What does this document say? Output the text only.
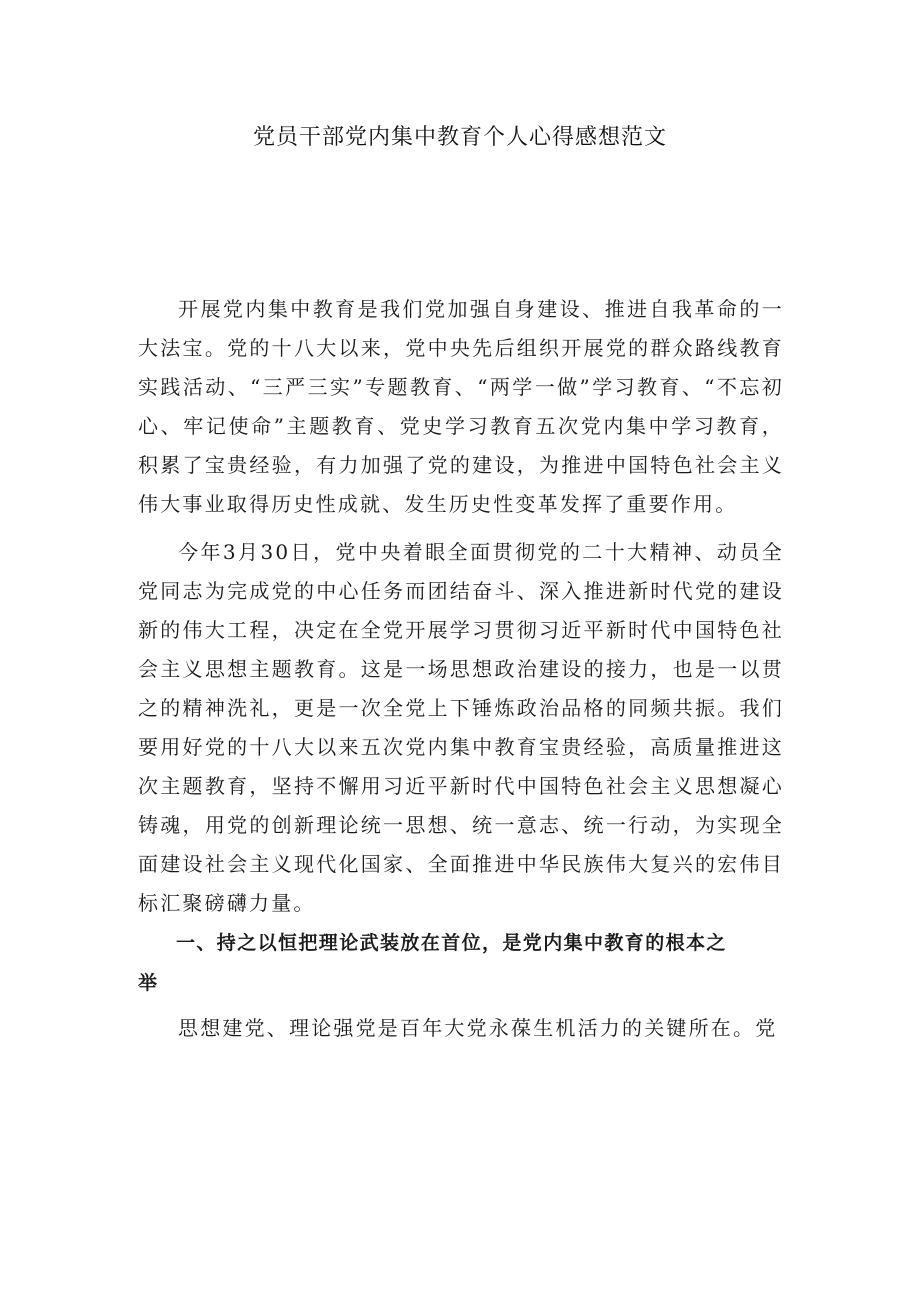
党员干部党内集中教育个人心得感想范文

开展党内集中教育是我们党加强自身建设、推进自我革命的一大法宝。党的十八大以来，党中央先后组织开展党的群众路线教育实践活动、“三严三实”专题教育、“两学一做”学习教育、“不忘初心、牢记使命”主题教育、党史学习教育五次党内集中学习教育，积累了宝贵经验，有力加强了党的建设，为推进中国特色社会主义伟大事业取得历史性成就、发生历史性变革发挥了重要作用。

今年3月30日，党中央着眼全面贯彻党的二十大精神、动员全党同志为完成党的中心任务而团结奋斗、深入推进新时代党的建设新的伟大工程，决定在全党开展学习贯彻习近平新时代中国特色社会主义思想主题教育。这是一场思想政治建设的接力，也是一以贯之的精神洗礼，更是一次全党上下锤炼政治品格的同频共振。我们要用好党的十八大以来五次党内集中教育宝贵经验，高质量推进这次主题教育，坚持不懈用习近平新时代中国特色社会主义思想凝心铸魂，用党的创新理论统一思想、统一意志、统一行动，为实现全面建设社会主义现代化国家、全面推进中华民族伟大复兴的宏伟目标汇聚磅礴力量。

一、持之以恒把理论武装放在首位，是党内集中教育的根本之举

思想建党、理论强党是百年大党永葆生机活力的关键所在。党
